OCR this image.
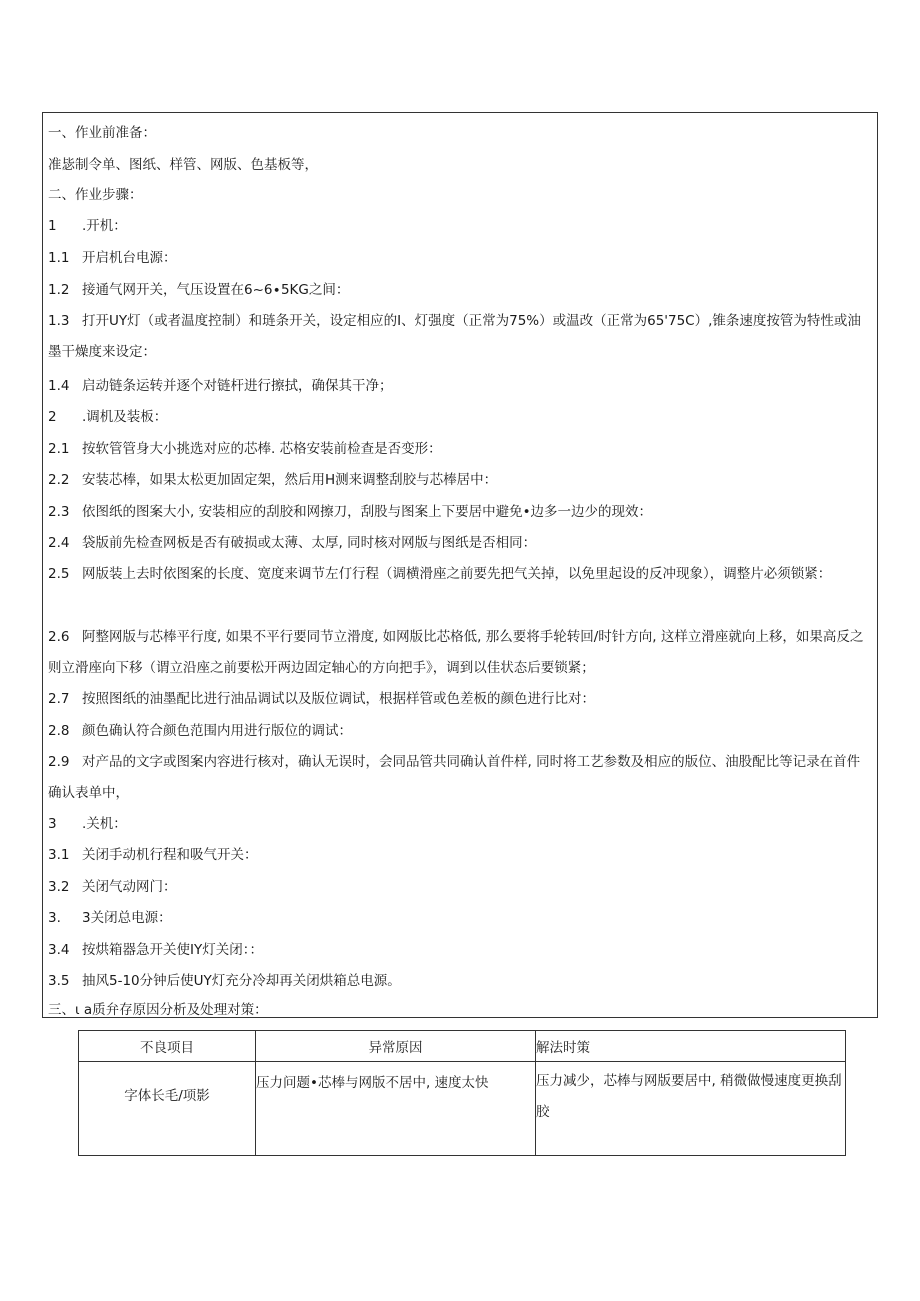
一、作业前准备：
准毖制令单、图纸、样管、网版、色基板等，
二、作业步骤：
1 .开机：
1.1 开启机台电源：
1.2 接通气网开关，气压设置在6~6∙5KG之间：
1.3 打开UY灯（或者温度控制）和琏条开关，设定相应的I、灯强度（正常为75%）或温改（正常为65'75C）,锥条速度按管为特性或油墨干燥度来设定：
1.4 启动链条运转并逐个对链杆进行擦拭，确保其干净；
2 .调机及装板：
2.1 按软管管身大小挑选对应的芯棒. 芯格安装前检查是否变形：
2.2 安装芯棒，如果太松更加固定架，然后用H测来调整刮胶与芯棒居中：
2.3 依图纸的图案大小, 安装相应的刮胶和网擦刀，刮股与图案上下要居中避免•边多一边少的现效：
2.4 袋版前先检查网板是否有破损或太薄、太厚, 同时核对网版与图纸是否相同：
2.5 网版装上去时依图案的长度、宽度来调节左仃行程（调横滑座之前要先把气关掉，以免里起设的反冲现象），调整片必须锁紧：
2.6 阿整网版与芯棒平行度, 如果不平行要同节立滑度, 如网版比芯格低, 那么要将手轮转回/时针方向, 这样立滑座就向上移，如果高反之则立滑座向下移（谓立沿座之前要松开两边固定轴心的方向把手》，调到以佳状态后要锁紧；
2.7 按照图纸的油墨配比进行油品调试以及版位调试，根据样管或色差板的颜色进行比对：
2.8 颜色确认符合颜色范围内用进行版位的调试：
2.9 对产品的文字或图案内容进行核对，确认无误时，会同品管共同确认首件样, 同时将工艺参数及相应的版位、油股配比等记录在首件确认表单中，
3 .关机：
3.1 关闭手动机行程和吸气开关：
3.2 关闭气动网门：
3. 3关闭总电源：
3.4 按烘箱器急开关使IY灯关闭：：
3.5 抽风5-10分钟后使UY灯充分冷却再关闭烘箱总电源。
三、ι a质弁存原因分析及处理对策：
不良项目	异常原因	解法时策

字体长毛/项影	压力问题•芯棒与网版不居中, 速度太快	压力减少，芯棒与网版要居中, 稍微做慢速度更换刮胶
